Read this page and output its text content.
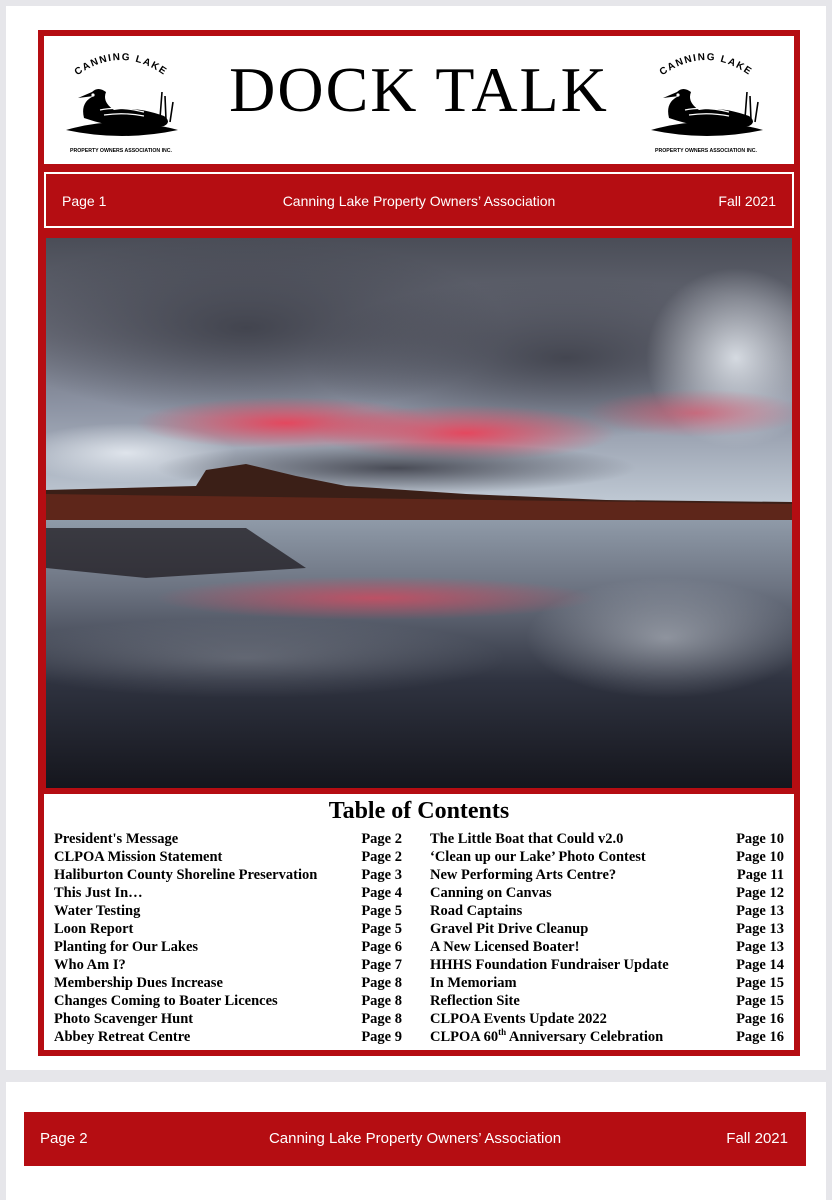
CANNING LAKE
PROPERTY OWNERS ASSOCIATION INC.
DOCK TALK	CANNING LAKE
PROPERTY OWNERS ASSOCIATION INC.
Page 1	Canning Lake Property Owners’ Association	Fall 2021
Table of Contents
President's Message	Page 2
CLPOA Mission Statement	Page 2
Haliburton County Shoreline Preservation	Page 3
This Just In…	Page 4
Water Testing	Page 5
Loon Report	Page 5
Planting for Our Lakes	Page 6
Who Am I?	Page 7
Membership Dues Increase	Page 8
Changes Coming to Boater Licences	Page 8
Photo Scavenger Hunt	Page 8
Abbey Retreat Centre	Page 9
The Little Boat that Could v2.0	Page 10
‘Clean up our Lake’ Photo Contest	Page 10
New Performing Arts Centre?	Page 11
Canning on Canvas	Page 12
Road Captains	Page 13
Gravel Pit Drive Cleanup	Page 13
A New Licensed Boater!	Page 13
HHHS Foundation Fundraiser Update	Page 14
In Memoriam	Page 15
Reflection Site	Page 15
CLPOA Events Update 2022	Page 16
CLPOA 60th Anniversary Celebration	Page 16
Page 2	Canning Lake Property Owners’ Association	Fall 2021
